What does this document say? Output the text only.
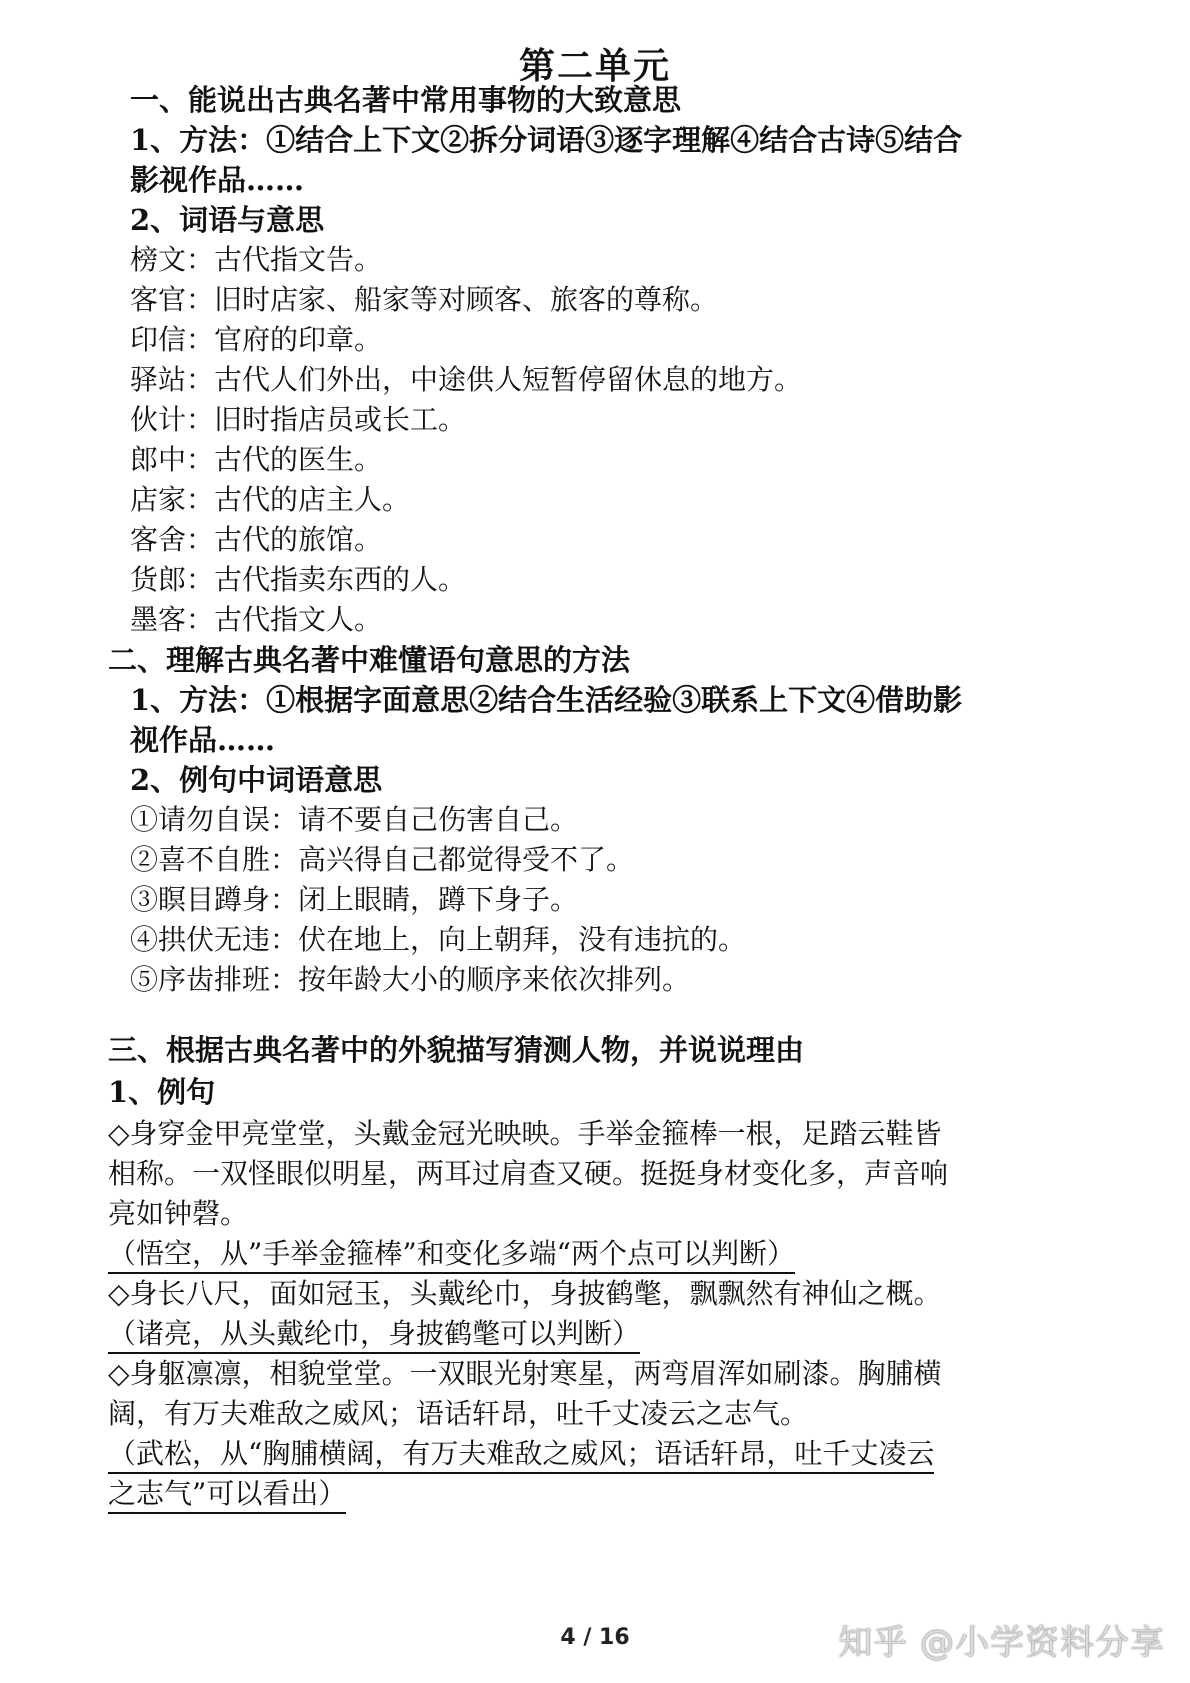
第二单元
一、能说出古典名著中常用事物的大致意思
1、方法：①结合上下文②拆分词语③逐字理解④结合古诗⑤结合
影视作品……
2、词语与意思
榜文：古代指文告。
客官：旧时店家、船家等对顾客、旅客的尊称。
印信：官府的印章。
驿站：古代人们外出，中途供人短暂停留休息的地方。
伙计：旧时指店员或长工。
郎中：古代的医生。
店家：古代的店主人。
客舍：古代的旅馆。
货郎：古代指卖东西的人。
墨客：古代指文人。
二、理解古典名著中难懂语句意思的方法
1、方法：①根据字面意思②结合生活经验③联系上下文④借助影
视作品……
2、例句中词语意思
①请勿自误：请不要自己伤害自己。
②喜不自胜：高兴得自己都觉得受不了。
③瞑目蹲身：闭上眼睛，蹲下身子。
④拱伏无违：伏在地上，向上朝拜，没有违抗的。
⑤序齿排班：按年龄大小的顺序来依次排列。
三、根据古典名著中的外貌描写猜测人物，并说说理由
1、例句
◇身穿金甲亮堂堂，头戴金冠光映映。手举金箍棒一根，足踏云鞋皆
相称。一双怪眼似明星，两耳过肩查又硬。挺挺身材变化多，声音响
亮如钟磬。
（悟空，从”手举金箍棒”和变化多端“两个点可以判断）
◇身长八尺，面如冠玉，头戴纶巾，身披鹤氅，飘飘然有神仙之概。
（诸亮，从头戴纶巾，身披鹤氅可以判断）
◇身躯凛凛，相貌堂堂。一双眼光射寒星，两弯眉浑如刷漆。胸脯横
阔，有万夫难敌之威风；语话轩昂，吐千丈凌云之志气。
（武松，从“胸脯横阔，有万夫难敌之威风；语话轩昂，吐千丈凌云
之志气”可以看出）
4 / 16	知乎 @小学资料分享
